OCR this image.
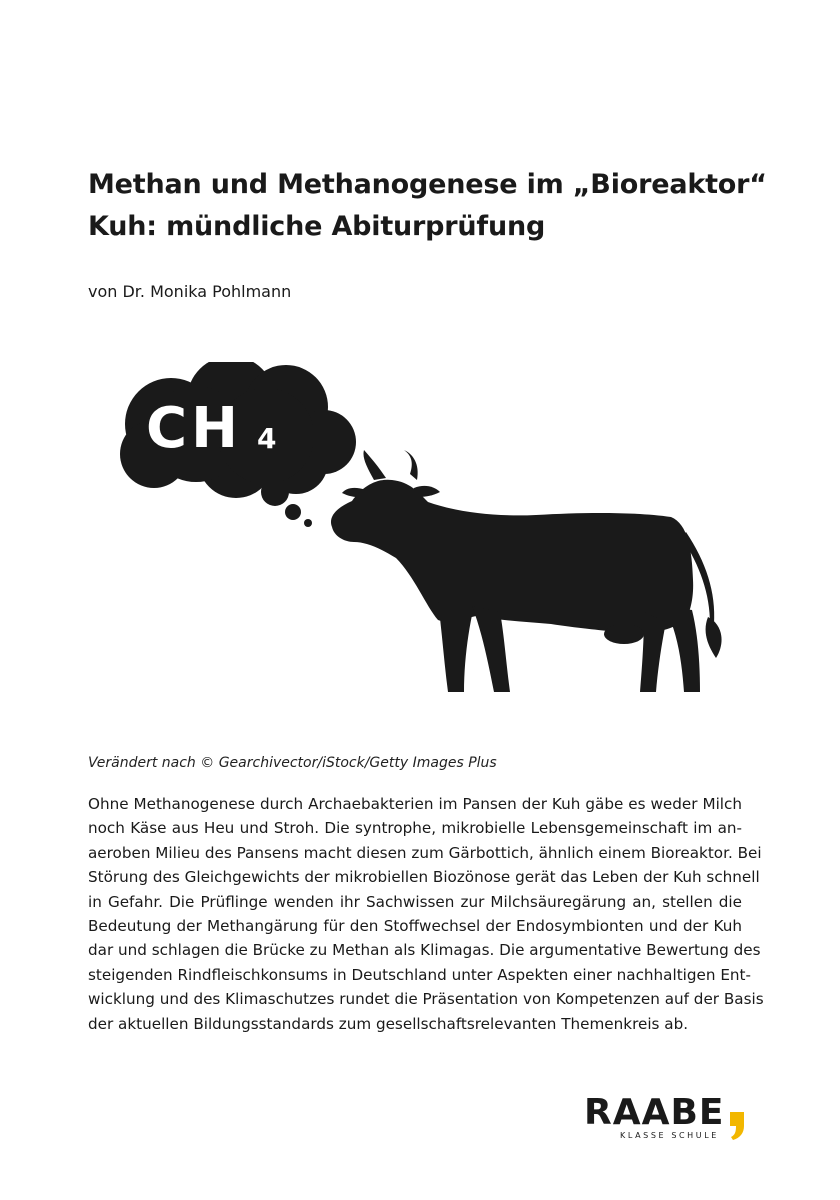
Methan und Methanogenese im „Bioreaktor“
Kuh: mündliche Abiturprüfung
von Dr. Monika Pohlmann
CH 4
Verändert nach © Gearchivector/iStock/Getty Images Plus
Ohne Methanogenese durch Archaebakterien im Pansen der Kuh gäbe es weder Milch
noch Käse aus Heu und Stroh. Die syntrophe, mikrobielle Lebensgemeinschaft im an-
aeroben Milieu des Pansens macht diesen zum Gärbottich, ähnlich einem Bioreaktor. Bei
Störung des Gleichgewichts der mikrobiellen Biozönose gerät das Leben der Kuh schnell
in Gefahr. Die Prüflinge wenden ihr Sachwissen zur Milchsäuregärung an, stellen die
Bedeutung der Methangärung für den Stoffwechsel der Endosymbionten und der Kuh
dar und schlagen die Brücke zu Methan als Klimagas. Die argumentative Bewertung des
steigenden Rindfleischkonsums in Deutschland unter Aspekten einer nachhaltigen Ent-
wicklung und des Klimaschutzes rundet die Präsentation von Kompetenzen auf der Basis
der aktuellen Bildungsstandards zum gesellschaftsrelevanten Themenkreis ab.
RAABE
KLASSE SCHULE
